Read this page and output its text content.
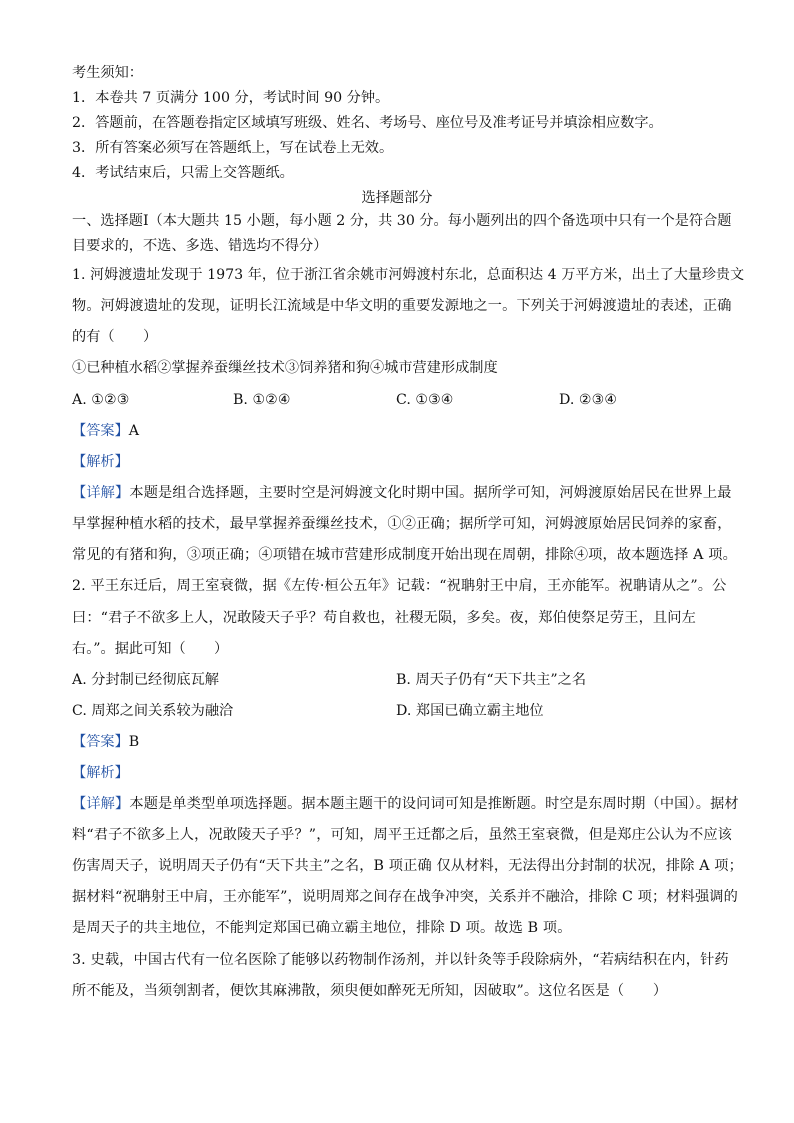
考生须知：
1．本卷共 7 页满分 100 分，考试时间 90 分钟。
2．答题前，在答题卷指定区域填写班级、姓名、考场号、座位号及准考证号并填涂相应数字。
3．所有答案必须写在答题纸上，写在试卷上无效。
4．考试结束后，只需上交答题纸。
选择题部分
一、选择题Ⅰ（本大题共 15 小题，每小题 2 分，共 30 分。每小题列出的四个备选项中只有一个是符合题
目要求的，不选、多选、错选均不得分）
1. 河姆渡遗址发现于 1973 年，位于浙江省余姚市河姆渡村东北，总面积达 4 万平方米，出土了大量珍贵文
物。河姆渡遗址的发现，证明长江流域是中华文明的重要发源地之一。下列关于河姆渡遗址的表述，正确
的有（　　）
①已种植水稻②掌握养蚕缫丝技术③饲养猪和狗④城市营建形成制度
A. ①②③	B. ①②④	C. ①③④	D. ②③④
【答案】A
【解析】
【详解】本题是组合选择题，主要时空是河姆渡文化时期中国。据所学可知，河姆渡原始居民在世界上最
早掌握种植水稻的技术，最早掌握养蚕缫丝技术，①②正确；据所学可知，河姆渡原始居民饲养的家畜，
常见的有猪和狗，③项正确；④项错在城市营建形成制度开始出现在周朝，排除④项，故本题选择 A 项。
2. 平王东迁后，周王室衰微，据《左传·桓公五年》记载：“祝聃射王中肩，王亦能军。祝聃请从之”。公
曰：“君子不欲多上人，况敢陵天子乎？苟自救也，社稷无陨，多矣。夜，郑伯使祭足劳王，且问左
右。”。据此可知（　　）
A. 分封制已经彻底瓦解	B. 周天子仍有“天下共主”之名
C. 周郑之间关系较为融洽	D. 郑国已确立霸主地位
【答案】B
【解析】
【详解】本题是单类型单项选择题。据本题主题干的设问词可知是推断题。时空是东周时期（中国）。据材
料“君子不欲多上人，况敢陵天子乎？”，可知，周平王迁都之后，虽然王室衰微，但是郑庄公认为不应该
伤害周天子，说明周天子仍有“天下共主”之名，B 项正确 仅从材料，无法得出分封制的状况，排除 A 项；
据材料“祝聃射王中肩，王亦能军”，说明周郑之间存在战争冲突，关系并不融洽，排除 C 项；材料强调的
是周天子的共主地位，不能判定郑国已确立霸主地位，排除 D 项。故选 B 项。
3. 史载，中国古代有一位名医除了能够以药物制作汤剂，并以针灸等手段除病外，“若病结积在内，针药
所不能及，当须刳割者，便饮其麻沸散，须臾便如醉死无所知，因破取”。这位名医是（　　）
